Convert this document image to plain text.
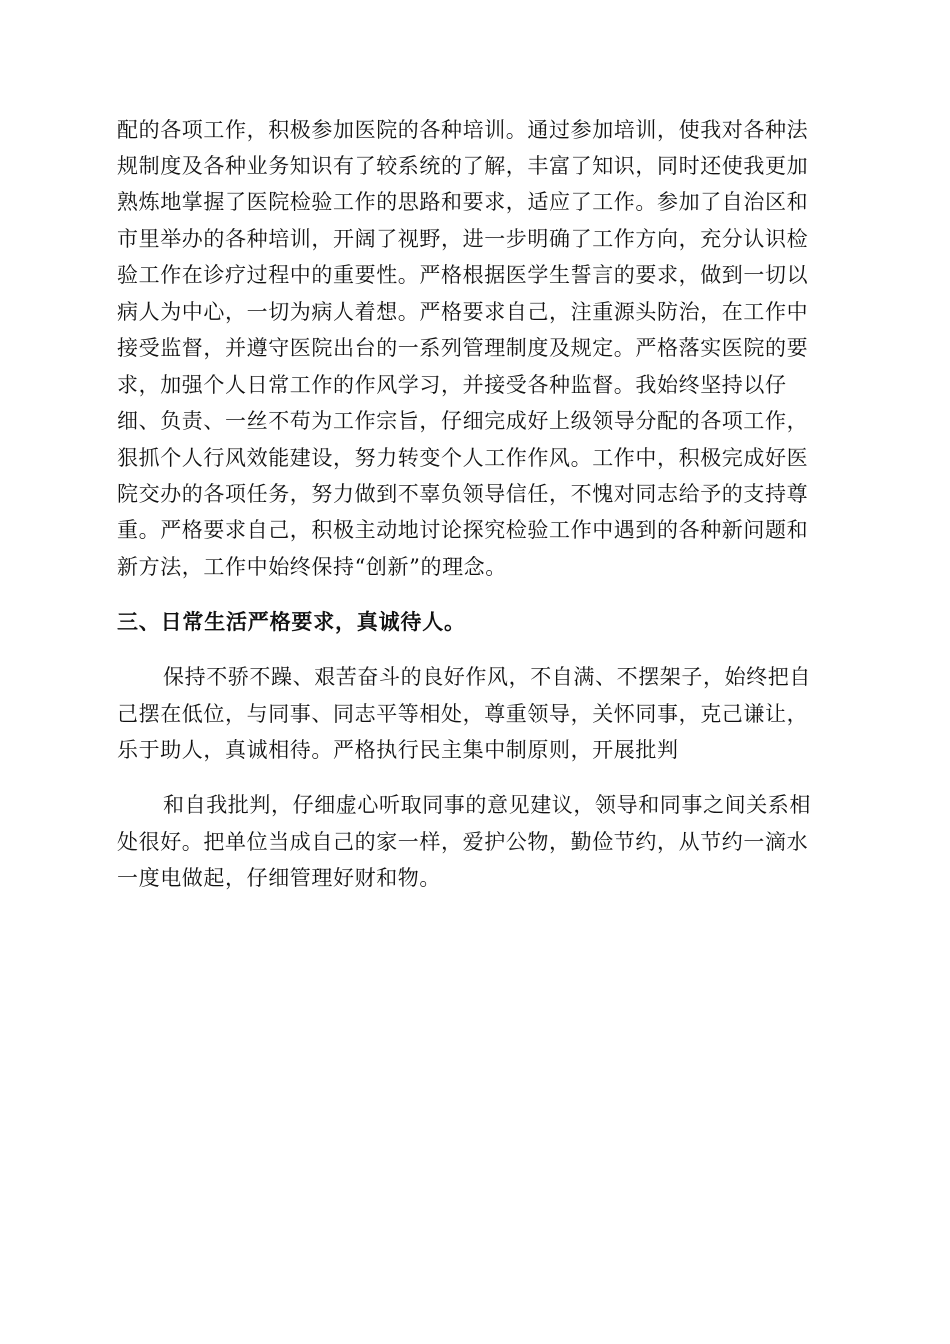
配的各项工作，积极参加医院的各种培训。通过参加培训，使我对各种法
规制度及各种业务知识有了较系统的了解，丰富了知识，同时还使我更加
熟炼地掌握了医院检验工作的思路和要求，适应了工作。参加了自治区和
市里举办的各种培训，开阔了视野，进一步明确了工作方向，充分认识检
验工作在诊疗过程中的重要性。严格根据医学生誓言的要求，做到一切以
病人为中心，一切为病人着想。严格要求自己，注重源头防治，在工作中
接受监督，并遵守医院出台的一系列管理制度及规定。严格落实医院的要
求，加强个人日常工作的作风学习，并接受各种监督。我始终坚持以仔
细、负责、一丝不苟为工作宗旨，仔细完成好上级领导分配的各项工作，
狠抓个人行风效能建设，努力转变个人工作作风。工作中，积极完成好医
院交办的各项任务，努力做到不辜负领导信任，不愧对同志给予的支持尊
重。严格要求自己，积极主动地讨论探究检验工作中遇到的各种新问题和
新方法，工作中始终保持“创新”的理念。
三、日常生活严格要求，真诚待人。
保持不骄不躁、艰苦奋斗的良好作风，不自满、不摆架子，始终把自
己摆在低位，与同事、同志平等相处，尊重领导，关怀同事，克己谦让，
乐于助人，真诚相待。严格执行民主集中制原则，开展批判
和自我批判，仔细虚心听取同事的意见建议，领导和同事之间关系相
处很好。把单位当成自己的家一样，爱护公物，勤俭节约，从节约一滴水
一度电做起，仔细管理好财和物。
